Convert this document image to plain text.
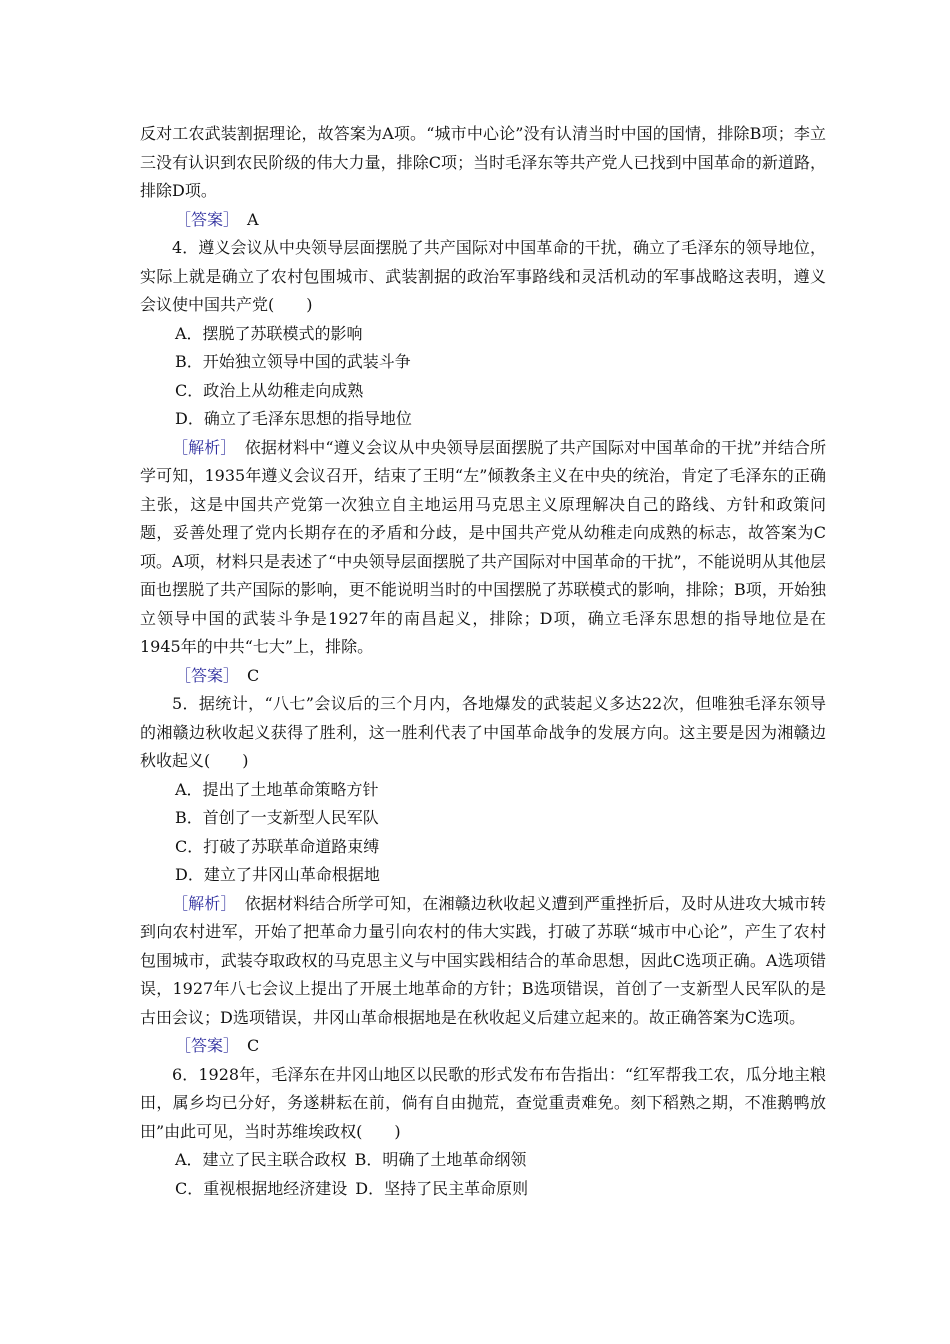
反对工农武装割据理论，故答案为A项。“城市中心论”没有认清当时中国的国情，排除B项；李立三没有认识到农民阶级的伟大力量，排除C项；当时毛泽东等共产党人已找到中国革命的新道路，排除D项。

［答案］ A

4．遵义会议从中央领导层面摆脱了共产国际对中国革命的干扰，确立了毛泽东的领导地位，实际上就是确立了农村包围城市、武装割据的政治军事路线和灵活机动的军事战略这表明，遵义会议使中国共产党(　　)

A．摆脱了苏联模式的影响

B．开始独立领导中国的武装斗争

C．政治上从幼稚走向成熟

D．确立了毛泽东思想的指导地位

［解析］ 依据材料中“遵义会议从中央领导层面摆脱了共产国际对中国革命的干扰”并结合所学可知，1935年遵义会议召开，结束了王明“左”倾教条主义在中央的统治，肯定了毛泽东的正确主张，这是中国共产党第一次独立自主地运用马克思主义原理解决自己的路线、方针和政策问题，妥善处理了党内长期存在的矛盾和分歧，是中国共产党从幼稚走向成熟的标志，故答案为C项。A项，材料只是表述了“中央领导层面摆脱了共产国际对中国革命的干扰”，不能说明从其他层面也摆脱了共产国际的影响，更不能说明当时的中国摆脱了苏联模式的影响，排除；B项，开始独立领导中国的武装斗争是1927年的南昌起义，排除；D项，确立毛泽东思想的指导地位是在1945年的中共“七大”上，排除。

［答案］ C

5．据统计，“八七”会议后的三个月内，各地爆发的武装起义多达22次，但唯独毛泽东领导的湘赣边秋收起义获得了胜利，这一胜利代表了中国革命战争的发展方向。这主要是因为湘赣边秋收起义(　　)

A．提出了土地革命策略方针

B．首创了一支新型人民军队

C．打破了苏联革命道路束缚

D．建立了井冈山革命根据地

［解析］ 依据材料结合所学可知，在湘赣边秋收起义遭到严重挫折后，及时从进攻大城市转到向农村进军，开始了把革命力量引向农村的伟大实践，打破了苏联“城市中心论”，产生了农村包围城市，武装夺取政权的马克思主义与中国实践相结合的革命思想，因此C选项正确。A选项错误，1927年八七会议上提出了开展土地革命的方针；B选项错误，首创了一支新型人民军队的是古田会议；D选项错误，井冈山革命根据地是在秋收起义后建立起来的。故正确答案为C选项。

［答案］ C

6．1928年，毛泽东在井冈山地区以民歌的形式发布布告指出：“红军帮我工农，瓜分地主粮田，属乡均已分好，务遂耕耘在前，倘有自由抛荒，查觉重责难免。刻下稻熟之期，不准鹅鸭放田”由此可见，当时苏维埃政权(　　)

A．建立了民主联合政权 B．明确了土地革命纲领

C．重视根据地经济建设 D．坚持了民主革命原则
